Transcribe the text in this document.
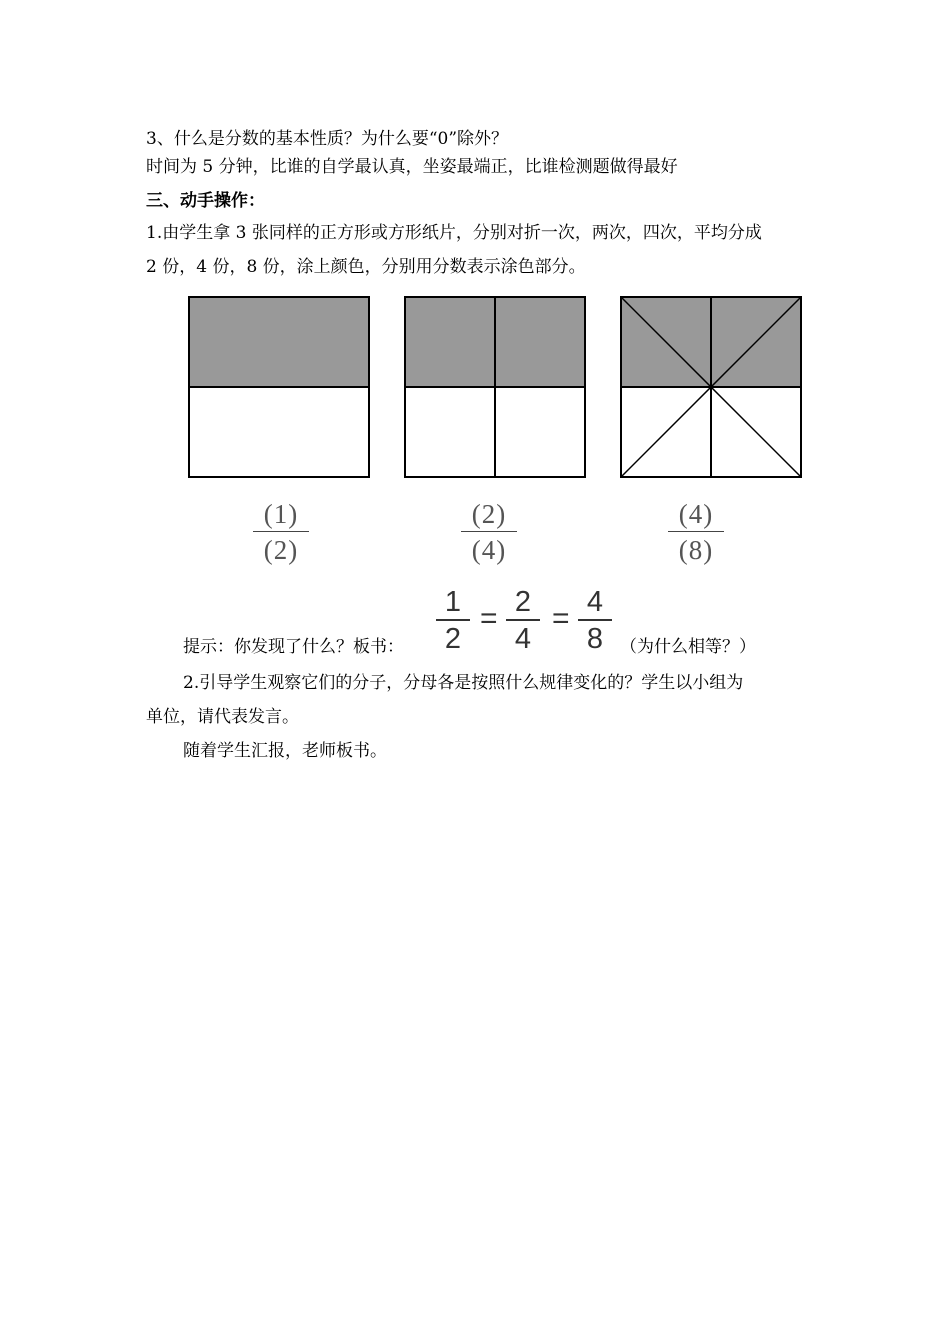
3、什么是分数的基本性质？为什么要“0”除外？
时间为 5 分钟，比谁的自学最认真，坐姿最端正，比谁检测题做得最好
三、动手操作：
1.由学生拿 3 张同样的正方形或方形纸片，分别对折一次，两次，四次，平均分成
2 份，4 份，8 份，涂上颜色，分别用分数表示涂色部分。
(1)
(2)
(2)
(4)
(4)
(8)
1
2
= 2
4
= 4
8
提示：你发现了什么？板书：	（为什么相等？）
2.引导学生观察它们的分子，分母各是按照什么规律变化的？学生以小组为
单位，请代表发言。
随着学生汇报，老师板书。
